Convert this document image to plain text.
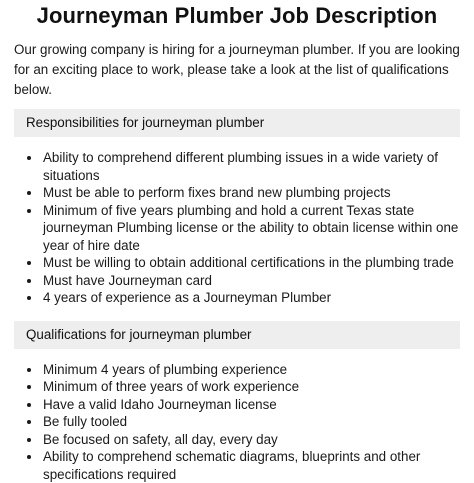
Journeyman Plumber Job Description

Our growing company is hiring for a journeyman plumber. If you are looking for an exciting place to work, please take a look at the list of qualifications below.

Responsibilities for journeyman plumber
• Ability to comprehend different plumbing issues in a wide variety of situations
• Must be able to perform fixes brand new plumbing projects
• Minimum of five years plumbing and hold a current Texas state journeyman Plumbing license or the ability to obtain license within one year of hire date
• Must be willing to obtain additional certifications in the plumbing trade
• Must have Journeyman card
• 4 years of experience as a Journeyman Plumber
Qualifications for journeyman plumber
• Minimum 4 years of plumbing experience
• Minimum of three years of work experience
• Have a valid Idaho Journeyman license
• Be fully tooled
• Be focused on safety, all day, every day
• Ability to comprehend schematic diagrams, blueprints and other specifications required
